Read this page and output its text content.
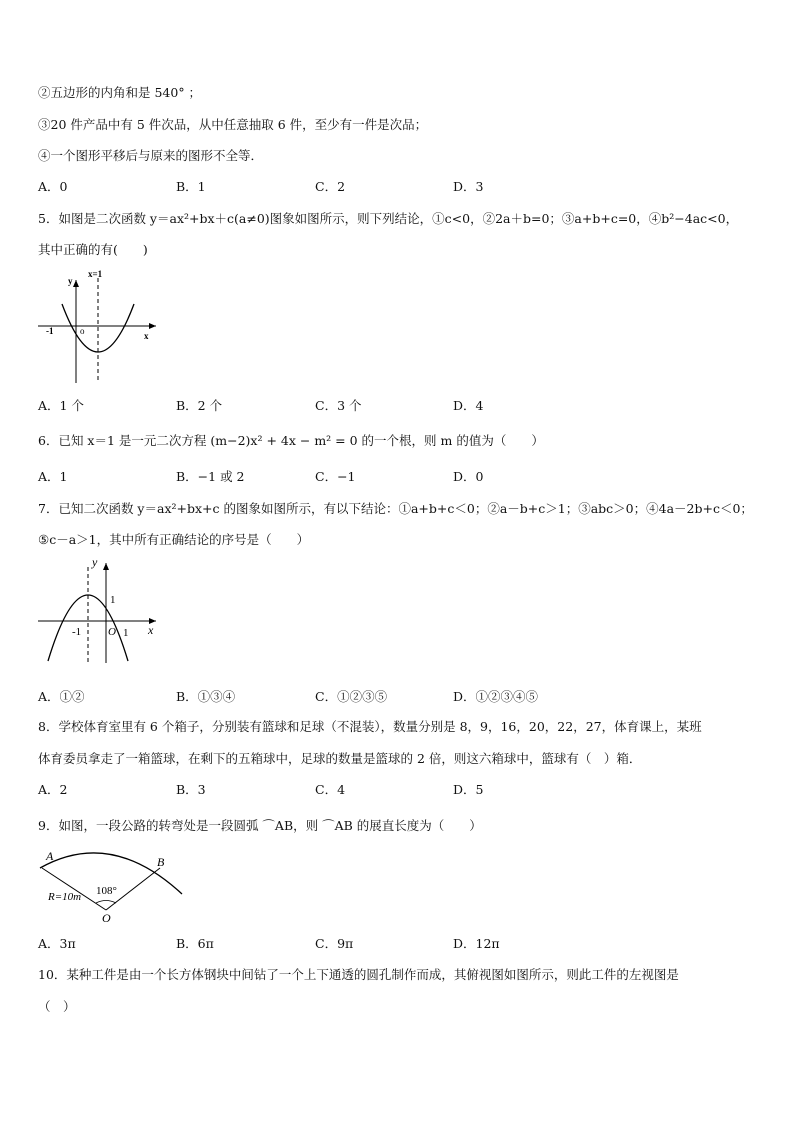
②五边形的内角和是 540° ；
③20 件产品中有 5 件次品，从中任意抽取 6 件，至少有一件是次品；
④一个图形平移后与原来的图形不全等．
A．0	B．1	C．2	D．3
5．如图是二次函数 y＝ax²+bx＋c(a≠0)图象如图所示，则下列结论，①c<0，②2a＋b=0；③a+b+c=0，④b²−4ac<0，
其中正确的有(　　)
y
x=1
-1	o	x
A．1 个	B．2 个	C．3 个	D．4
6．已知 x＝1 是一元二次方程 (m−2)x² + 4x − m² = 0 的一个根，则 m 的值为（　　）
A．1	B．−1 或 2	C．−1	D．0
7．已知二次函数 y＝ax²+bx+c 的图象如图所示，有以下结论：①a+b+c＜0；②a－b+c＞1；③abc＞0；④4a－2b+c＜0；
⑤c－a＞1，其中所有正确结论的序号是（　　）
y
1
-1 O 1 x
A．①②	B．①③④	C．①②③⑤	D．①②③④⑤
8．学校体育室里有 6 个箱子，分别装有篮球和足球（不混装），数量分别是 8，9，16，20，22，27，体育课上，某班
体育委员拿走了一箱篮球，在剩下的五箱球中，足球的数量是篮球的 2 倍，则这六箱球中，篮球有（　）箱．
A．2	B．3	C．4	D．5
9．如图，一段公路的转弯处是一段圆弧 ⌒AB，则 ⌒AB 的展直长度为（　　）
A	B
R=10m 108°
O
A．3π	B．6π	C．9π	D．12π
10．某种工件是由一个长方体钢块中间钻了一个上下通透的圆孔制作而成，其俯视图如图所示，则此工件的左视图是
（　）
